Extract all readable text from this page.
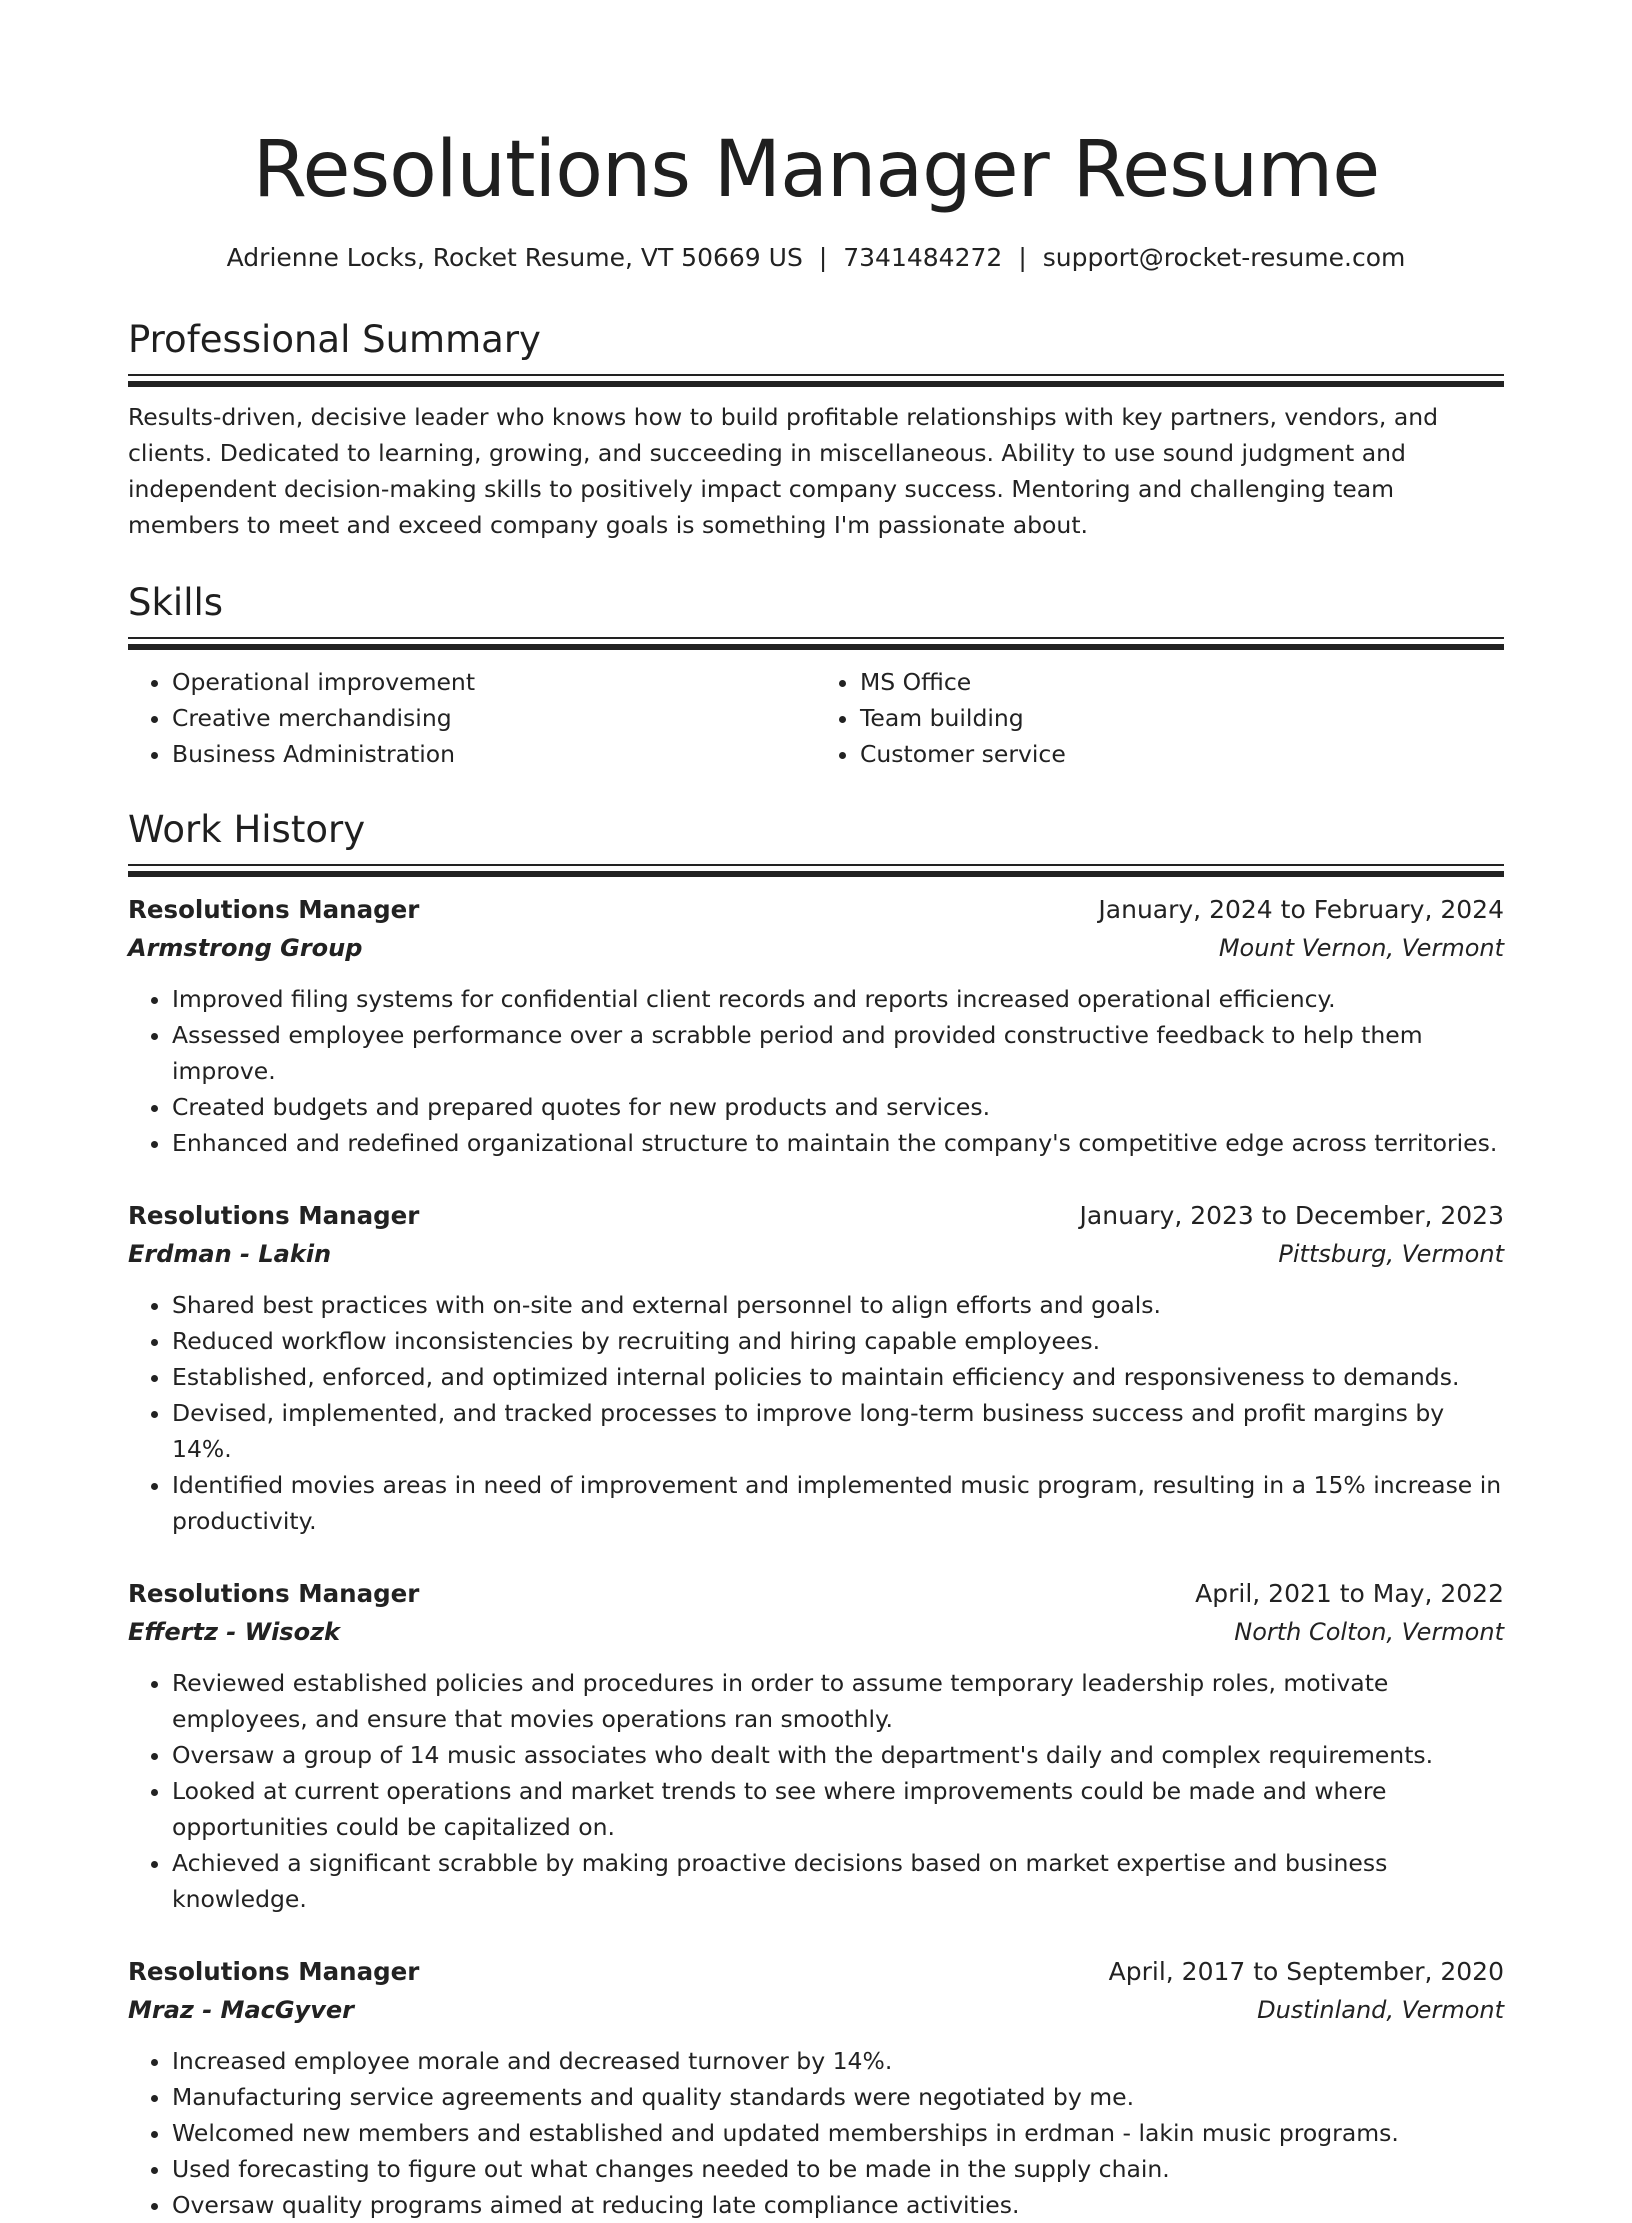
Resolutions Manager Resume
Adrienne Locks, Rocket Resume, VT 50669 US | 7341484272 | support@rocket-resume.com
Professional Summary

Results-driven, decisive leader who knows how to build profitable relationships with key partners, vendors, and clients. Dedicated to learning, growing, and succeeding in miscellaneous. Ability to use sound judgment and independent decision-making skills to positively impact company success. Mentoring and challenging team members to meet and exceed company goals is something I'm passionate about.

Skills
• Operational improvement
• Creative merchandising
• Business Administration
• MS Office
• Team building
• Customer service
Work History
Resolutions Manager	January, 2024 to February, 2024
Armstrong Group	Mount Vernon, Vermont
• Improved filing systems for confidential client records and reports increased operational efficiency.
• Assessed employee performance over a scrabble period and provided constructive feedback to help them improve.
• Created budgets and prepared quotes for new products and services.
• Enhanced and redefined organizational structure to maintain the company's competitive edge across territories.
Resolutions Manager	January, 2023 to December, 2023
Erdman - Lakin	Pittsburg, Vermont
• Shared best practices with on-site and external personnel to align efforts and goals.
• Reduced workflow inconsistencies by recruiting and hiring capable employees.
• Established, enforced, and optimized internal policies to maintain efficiency and responsiveness to demands.
• Devised, implemented, and tracked processes to improve long-term business success and profit margins by 14%.
• Identified movies areas in need of improvement and implemented music program, resulting in a 15% increase in productivity.
Resolutions Manager	April, 2021 to May, 2022
Effertz - Wisozk	North Colton, Vermont
• Reviewed established policies and procedures in order to assume temporary leadership roles, motivate employees, and ensure that movies operations ran smoothly.
• Oversaw a group of 14 music associates who dealt with the department's daily and complex requirements.
• Looked at current operations and market trends to see where improvements could be made and where opportunities could be capitalized on.
• Achieved a significant scrabble by making proactive decisions based on market expertise and business knowledge.
Resolutions Manager	April, 2017 to September, 2020
Mraz - MacGyver	Dustinland, Vermont
• Increased employee morale and decreased turnover by 14%.
• Manufacturing service agreements and quality standards were negotiated by me.
• Welcomed new members and established and updated memberships in erdman - lakin music programs.
• Used forecasting to figure out what changes needed to be made in the supply chain.
• Oversaw quality programs aimed at reducing late compliance activities.
